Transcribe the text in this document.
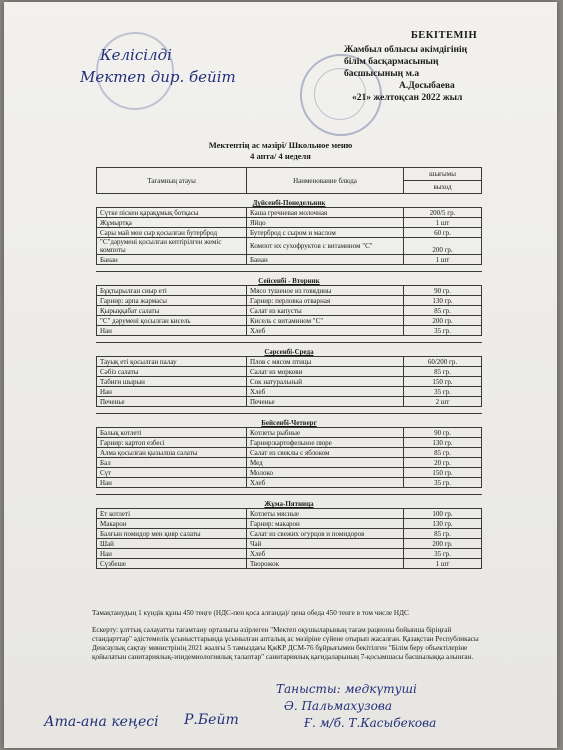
Келісілді
Мектеп дир. бейіт
БЕКІТЕМІН
Жамбыл облысы әкімдігінің
білім басқармасының
басшысының м.а
А.Досыбаева
«21» желтоқсан 2022 жыл
Мектептің ас мәзірі/ Школьное меню
4 апта/ 4 неделя
Тағамның атауы	Наименование блюда	шығымы
		выход
Дүйсенбі-Понедельник		
Сүтке піскен қарақұмық ботқасы	Каша гречневая молочная	200/5 гр.
Жұмыртқа	Яйцо	1 шт
Сары май мен сыр қосылған бутерброд	Бутерброд с сыром и маслом	60 гр.
"С"дәрумені қосылған кептірілген жеміс компоты	Компот их сухофруктов с витамином "С"	200 гр.
Банан	Банан	1 шт

Сейсенбі - Вторник		
Бұқтырылған сиыр еті	Мясо тушеное из говядины	90 гр.
Гарнир: арпа жармасы	Гарнир: перловка отварная	130 гр.
Қырыққабат салаты	Салат из капусты	85 гр.
"С" дәрумені қосылған кисель	Кисель с витамином "С"	200 гр.
Нан	Хлеб	35 гр.

Сәрсенбі-Среда		
Тауық еті қосылған палау	Плов с мясом птицы	60/200 гр.
Сәбіз салаты	Салат из моркови	85 гр.
Табиғи шырын	Сок натуральный	150 гр.
Нан	Хлеб	35 гр.
Печенье	Печенье	2 шт

Бейсенбі-Четверг		
Балық котлеті	Котлеты рыбные	90 гр.
Гарнир: картоп езбесі	Гарнир:картофельное пюре	130 гр.
Алма қосылған қызылша салаты	Салат из свеклы с яблоком	85 гр.
Бал	Мед	20 гр.
Сүт	Молоко	150 гр.
Нан	Хлеб	35 гр.

Жұма-Пятница		
Ет котлеті	Котлеты мясные	100 гр.
Макарон	Гарнир: макарон	130 гр.
Балғын помидор мен қияр салаты	Салат из свежих огурцов и помидоров	85 гр.
Шай	Чай	200 гр.
Нан	Хлеб	35 гр.
Сүзбеше	Творожок	1 шт
Тамақтанудың 1 күндік құны 450 теңге (НДС-пен қоса алғанда)/ цена обеда 450 тенге в том числе НДС
Ескерту: ұлттық салауатты тағамтану орталығы әзірлеген "Мектеп оқушыларының тағам рационы бойынша біріңғай стандарттар" әдістемелік ұсынысттарында ұсынылған апталық ас мәзіріне сүйене отырып жасалған. Қазақстан Республикасы Денсаулық сақтау министрінің 2021 жылғы 5 тамыздағы ҚжКР ДСМ-76 бұйрығымен бекітілген "Білім беру объектілеріне қойылатын санитариялық-эпидемиологиялық талаптар" санитариялық қағидаларының 7-қосымшасы басшылыққа алынған.
Танысты: медкүтуші
Ә. Пальмахузова
Ғ. м/б. Т.Касыбекова
Ата-ана кеңесі Р.Бейт
